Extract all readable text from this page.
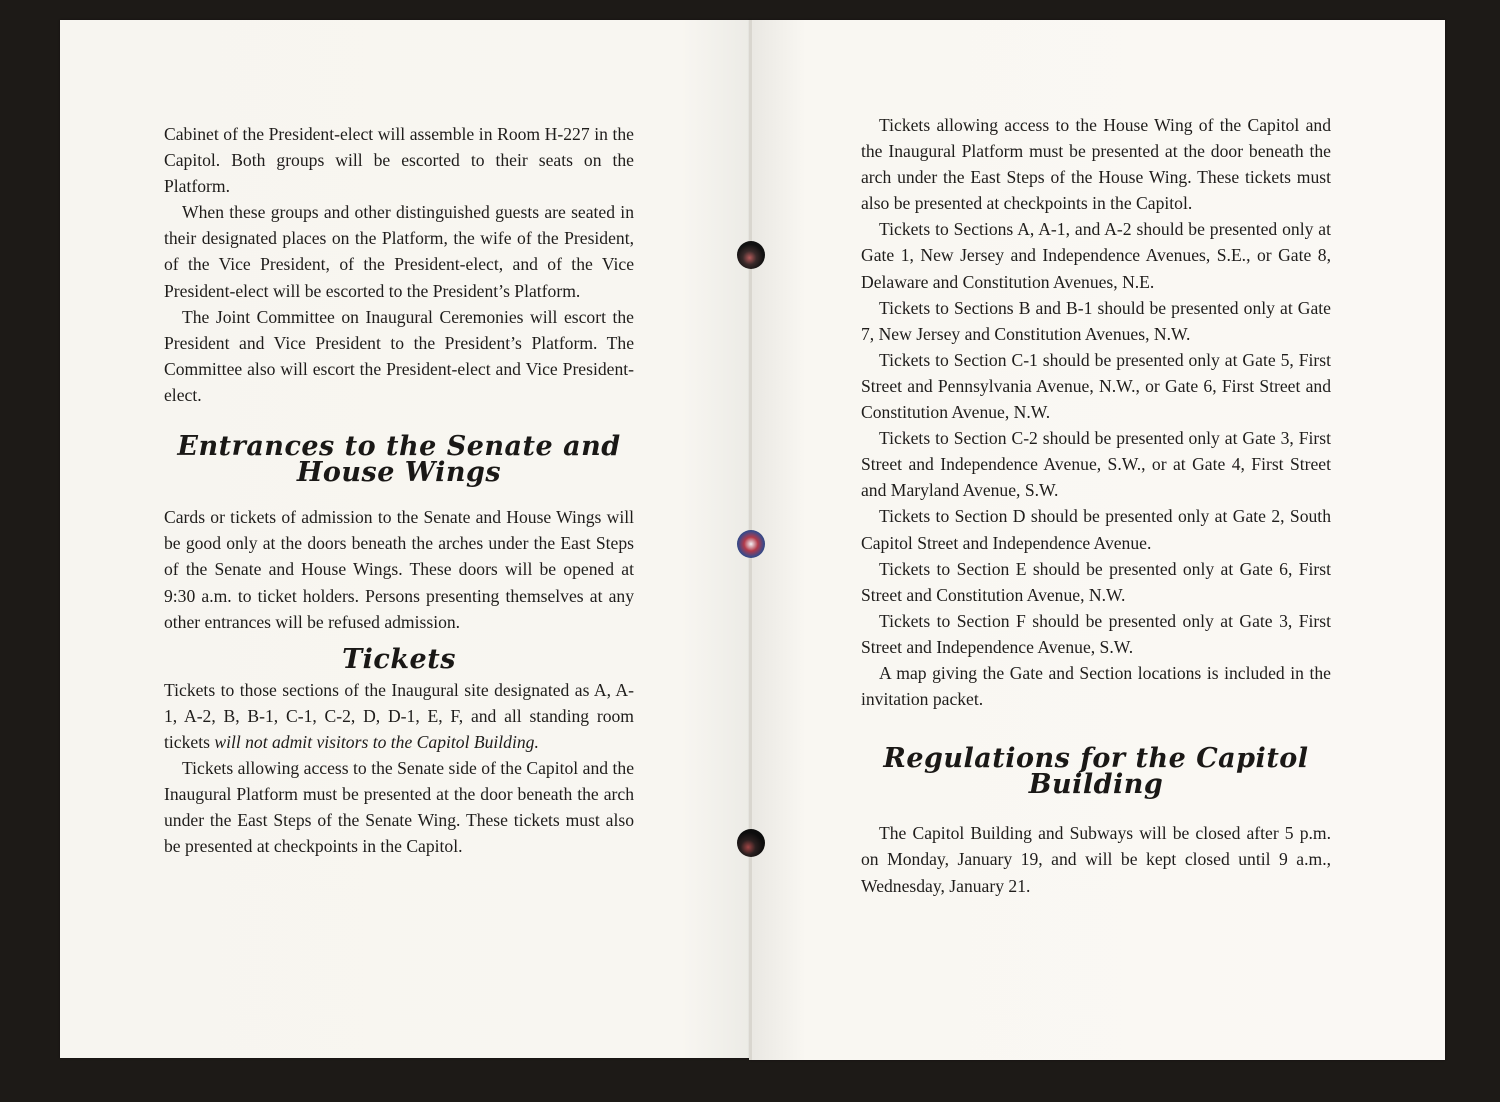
Cabinet of the President-elect will assemble in Room H-227 in the Capitol. Both groups will be escorted to their seats on the Platform.

When these groups and other distinguished guests are seated in their designated places on the Platform, the wife of the President, of the Vice President, of the President-elect, and of the Vice President-elect will be escorted to the President’s Platform.

The Joint Committee on Inaugural Ceremonies will escort the President and Vice President to the President’s Platform. The Committee also will escort the President-elect and Vice President-elect.

Entrances to the Senate and House Wings

Cards or tickets of admission to the Senate and House Wings will be good only at the doors beneath the arches under the East Steps of the Senate and House Wings. These doors will be opened at 9:30 a.m. to ticket holders. Persons presenting themselves at any other entrances will be refused admission.

Tickets

Tickets to those sections of the Inaugural site designated as A, A-1, A-2, B, B-1, C-1, C-2, D, D-1, E, F, and all standing room tickets will not admit visitors to the Capitol Building.

Tickets allowing access to the Senate side of the Capitol and the Inaugural Platform must be presented at the door beneath the arch under the East Steps of the Senate Wing. These tickets must also be presented at checkpoints in the Capitol.

Tickets allowing access to the House Wing of the Capitol and the Inaugural Platform must be presented at the door beneath the arch under the East Steps of the House Wing. These tickets must also be presented at checkpoints in the Capitol.

Tickets to Sections A, A-1, and A-2 should be presented only at Gate 1, New Jersey and Independence Avenues, S.E., or Gate 8, Delaware and Constitution Avenues, N.E.

Tickets to Sections B and B-1 should be presented only at Gate 7, New Jersey and Constitution Avenues, N.W.

Tickets to Section C-1 should be presented only at Gate 5, First Street and Pennsylvania Avenue, N.W., or Gate 6, First Street and Constitution Avenue, N.W.

Tickets to Section C-2 should be presented only at Gate 3, First Street and Independence Avenue, S.W., or at Gate 4, First Street and Maryland Avenue, S.W.

Tickets to Section D should be presented only at Gate 2, South Capitol Street and Independence Avenue.

Tickets to Section E should be presented only at Gate 6, First Street and Constitution Avenue, N.W.

Tickets to Section F should be presented only at Gate 3, First Street and Independence Avenue, S.W.

A map giving the Gate and Section locations is included in the invitation packet.

Regulations for the Capitol Building

The Capitol Building and Subways will be closed after 5 p.m. on Monday, January 19, and will be kept closed until 9 a.m., Wednesday, January 21.
